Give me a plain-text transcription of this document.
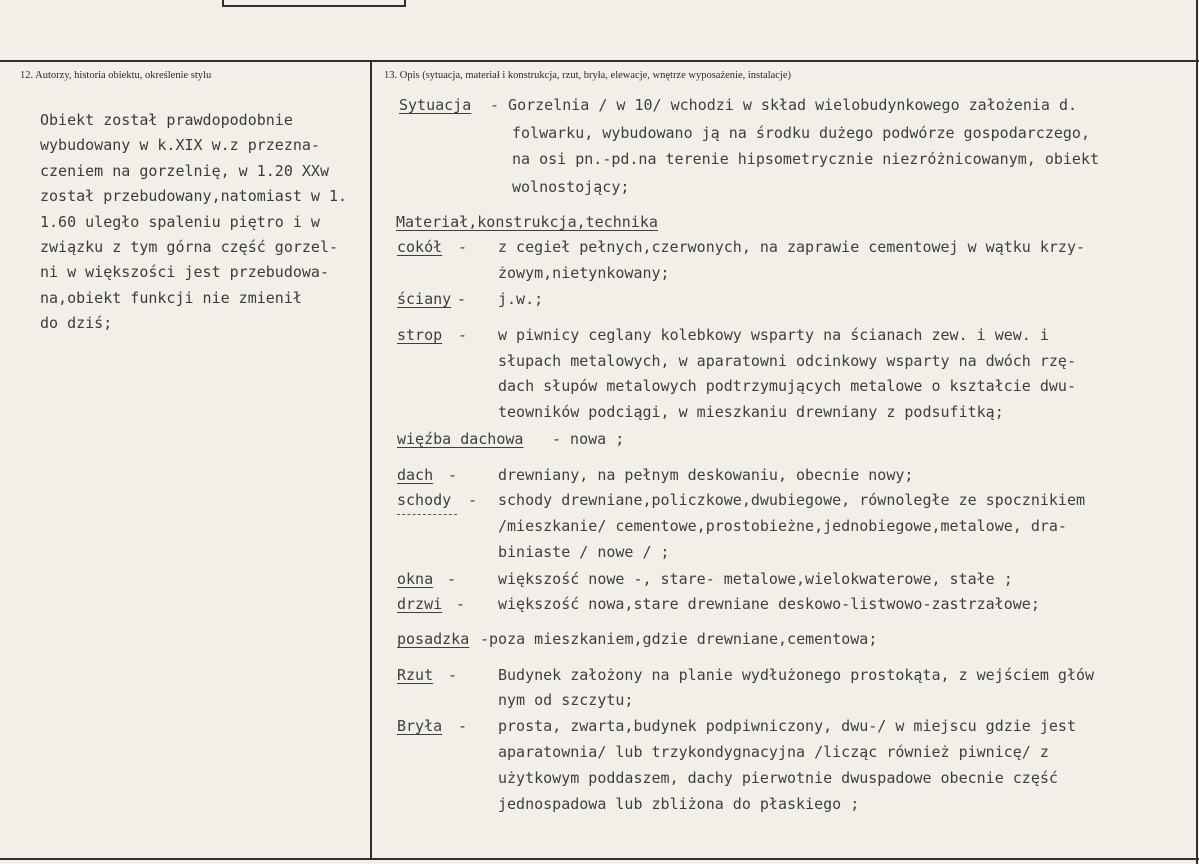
12. Autorzy, historia obiektu, określenie stylu	13. Opis (sytuacja, materiał i konstrukcja, rzut, bryła, elewacje, wnętrze wyposażenie, instalacje)
Obiekt został prawdopodobnie
wybudowany w k.XIX w.z przezna-
czeniem na gorzelnię, w 1.20 XXw
został przebudowany,natomiast w 1.
1.60 uległo spaleniu piętro i w
związku z tym górna część gorzel-
ni w większości jest przebudowa-
na,obiekt funkcji nie zmienił
do dziś;
Sytuacja - Gorzelnia / w 10/ wchodzi w skład wielobudynkowego założenia d.
folwarku, wybudowano ją na środku dużego podwórze gospodarczego,
na osi pn.-pd.na terenie hipsometrycznie niezróżnicowanym, obiekt
wolnostojący;
Materiał,konstrukcja,technika
cokół - z cegieł pełnych,czerwonych, na zaprawie cementowej w wątku krzy-
żowym,nietynkowany;
ściany - j.w.;
strop - w piwnicy ceglany kolebkowy wsparty na ścianach zew. i wew. i
słupach metalowych, w aparatowni odcinkowy wsparty na dwóch rzę-
dach słupów metalowych podtrzymujących metalowe o kształcie dwu-
teowników podciągi, w mieszkaniu drewniany z podsufitką;
więźba dachowa - nowa ;
dach -	drewniany, na pełnym deskowaniu, obecnie nowy;
schody - schody drewniane,policzkowe,dwubiegowe, równoległe ze spocznikiem
/mieszkanie/ cementowe,prostobieżne,jednobiegowe,metalowe, dra-
biniaste / nowe / ;
okna -	większość nowe -, stare- metalowe,wielokwaterowe, stałe ;
drzwi - większość nowa,stare drewniane deskowo-listwowo-zastrzałowe;
posadzka -poza mieszkaniem,gdzie drewniane,cementowa;
Rzut -	Budynek założony na planie wydłużonego prostokąta, z wejściem głów
nym od szczytu;
Bryła - prosta, zwarta,budynek podpiwniczony, dwu-/ w miejscu gdzie jest
aparatownia/ lub trzykondygnacyjna /licząc również piwnicę/ z
użytkowym poddaszem, dachy pierwotnie dwuspadowe obecnie część
jednospadowa lub zbliżona do płaskiego ;
